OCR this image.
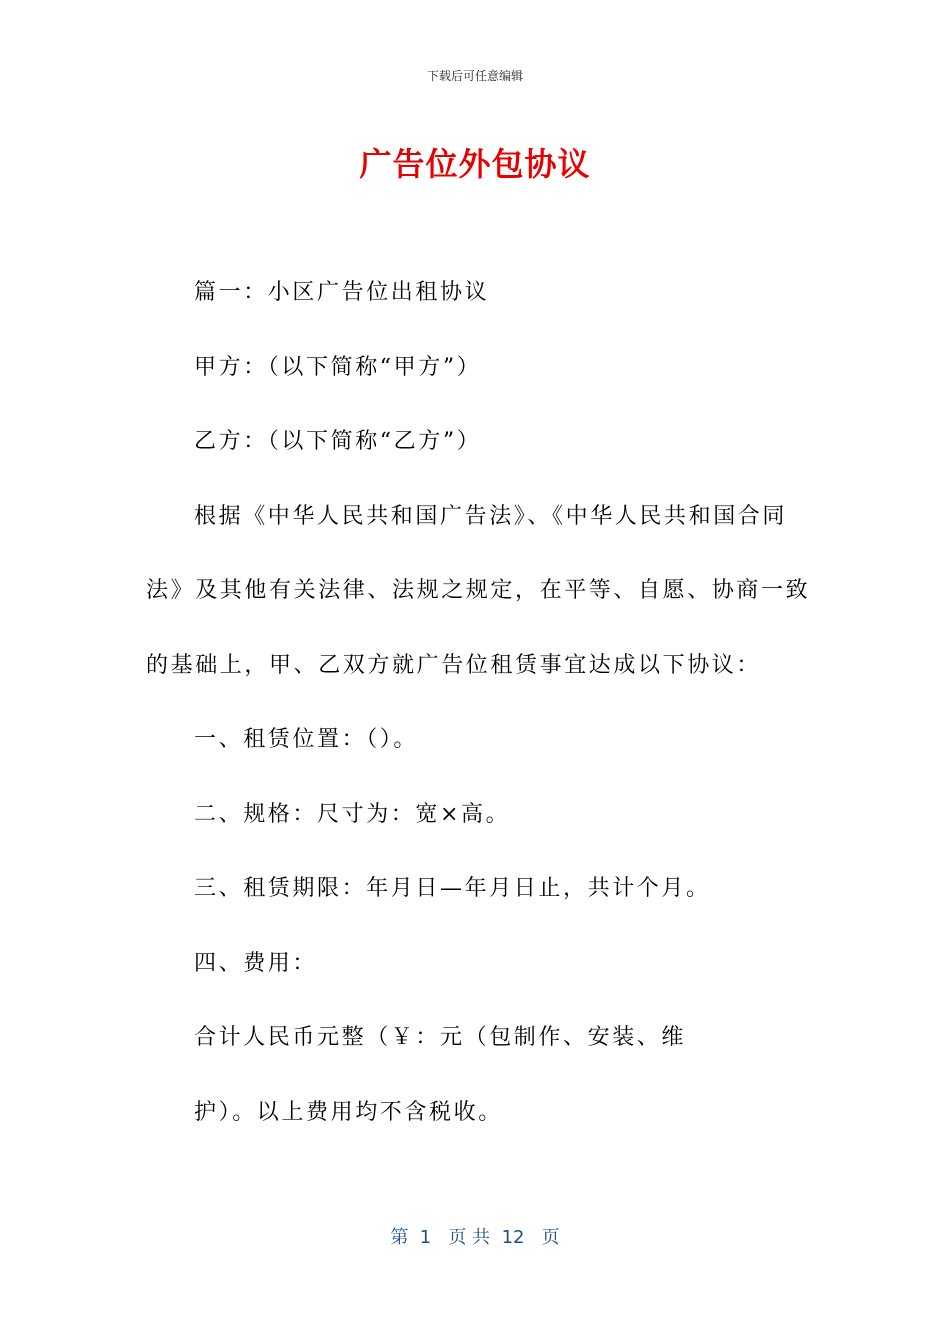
下载后可任意编辑
广告位外包协议
篇一：小区广告位出租协议
甲方：（以下简称“甲方”）
乙方：（以下简称“乙方”）
根据《中华人民共和国广告法》、《中华人民共和国合同
法》及其他有关法律、法规之规定，在平等、自愿、协商一致
的基础上，甲、乙双方就广告位租赁事宜达成以下协议：
一、租赁位置：（）。
二、规格：尺寸为：宽×高。
三、租赁期限：年月日—年月日止，共计个月。
四、费用：
合计人民币元整（￥：元（包制作、安装、维
护）。以上费用均不含税收。
第  1   页 共  12   页
